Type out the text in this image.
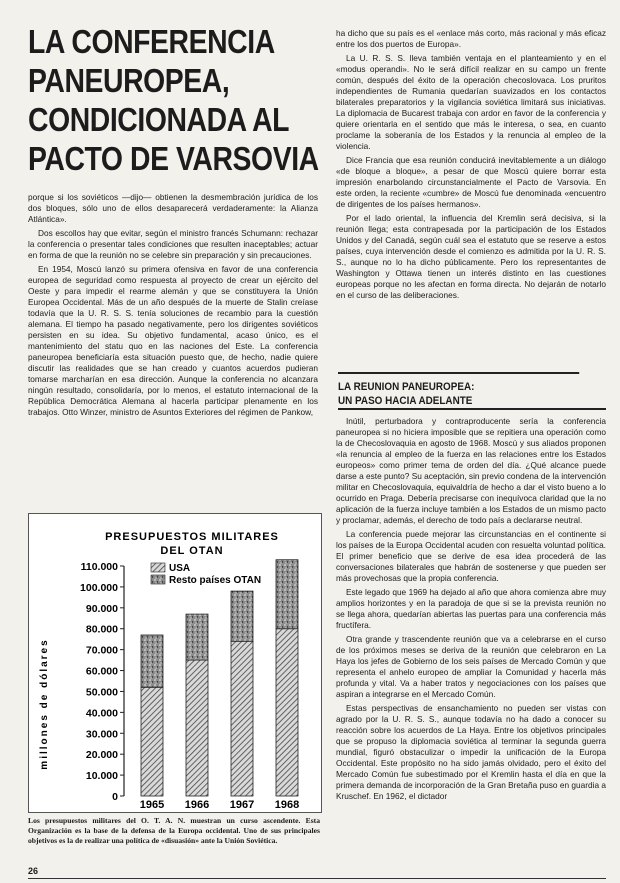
LA CONFERENCIA
PANEUROPEA,
CONDICIONADA AL
PACTO DE VARSOVIA

porque si los soviéticos —dijo— obtienen la desmembración jurídica de los dos bloques, sólo uno de ellos desaparecerá verdaderamente: la Alianza Atlántica».

Dos escollos hay que evitar, según el ministro francés Schumann: rechazar la conferencia o presentar tales condiciones que resulten inaceptables; actuar en forma de que la reunión no se celebre sin preparación y sin precauciones.

En 1954, Moscú lanzó su primera ofensiva en favor de una conferencia europea de seguridad como respuesta al proyecto de crear un ejército del Oeste y para impedir el rearme alemán y que se constituyera la Unión Europea Occidental. Más de un año después de la muerte de Stalin creíase todavía que la U. R. S. S. tenía soluciones de recambio para la cuestión alemana. El tiempo ha pasado negativamente, pero los dirigentes soviéticos persisten en su idea. Su objetivo fundamental, acaso único, es el mantenimiento del statu quo en las naciones del Este. La conferencia paneuropea beneficiaría esta situación puesto que, de hecho, nadie quiere discutir las realidades que se han creado y cuantos acuerdos pudieran tomarse marcharían en esa dirección. Aunque la conferencia no alcanzara ningún resultado, consolidaría, por lo menos, el estatuto internacional de la República Democrática Alemana al hacerla participar plenamente en los trabajos. Otto Winzer, ministro de Asuntos Exteriores del régimen de Pankow,

ha dicho que su país es el «enlace más corto, más racional y más eficaz entre los dos puertos de Europa».

La U. R. S. S. lleva también ventaja en el planteamiento y en el «modus operandi». No le será difícil realizar en su campo un frente común, después del éxito de la operación checoslovaca. Los pruritos independientes de Rumania quedarían suavizados en los contactos bilaterales preparatorios y la vigilancia soviética limitará sus iniciativas. La diplomacia de Bucarest trabaja con ardor en favor de la conferencia y quiere orientarla en el sentido que más le interesa, o sea, en cuanto proclame la soberanía de los Estados y la renuncia al empleo de la violencia.

Dice Francia que esa reunión conducirá inevitablemente a un diálogo «de bloque a bloque», a pesar de que Moscú quiere borrar esta impresión enarbolando circunstancialmente el Pacto de Varsovia. En este orden, la reciente «cumbre» de Moscú fue denominada «encuentro de dirigentes de los países hermanos».

Por el lado oriental, la influencia del Kremlin será decisiva, si la reunión llega; esta contrapesada por la participación de los Estados Unidos y del Canadá, según cuál sea el estatuto que se reserve a estos países, cuya intervención desde el comienzo es admitida por la U. R. S. S., aunque no lo ha dicho públicamente. Pero los representantes de Washington y Ottawa tienen un interés distinto en las cuestiones europeas porque no les afectan en forma directa. No dejarán de notarlo en el curso de las deliberaciones.

LA REUNION PANEUROPEA:
UN PASO HACIA ADELANTE

Inútil, perturbadora y contraproducente sería la conferencia paneuropea si no hiciera imposible que se repitiera una operación como la de Checoslovaquia en agosto de 1968. Moscú y sus aliados proponen «la renuncia al empleo de la fuerza en las relaciones entre los Estados europeos» como primer tema de orden del día. ¿Qué alcance puede darse a este punto? Su aceptación, sin previo condena de la intervención militar en Checoslovaquia, equivaldría de hecho a dar el visto bueno a lo ocurrido en Praga. Debería precisarse con inequívoca claridad que la no aplicación de la fuerza incluye también a los Estados de un mismo pacto y proclamar, además, el derecho de todo país a declararse neutral.

La conferencia puede mejorar las circunstancias en el continente si los países de la Europa Occidental acuden con resuelta voluntad política. El primer beneficio que se derive de esa idea procederá de las conversaciones bilaterales que habrán de sostenerse y que pueden ser más provechosas que la propia conferencia.

Este legado que 1969 ha dejado al año que ahora comienza abre muy amplios horizontes y en la paradoja de que si se la prevista reunión no se llega ahora, quedarían abiertas las puertas para una conferencia más fructífera.

Otra grande y trascendente reunión que va a celebrarse en el curso de los próximos meses se deriva de la reunión que celebraron en La Haya los jefes de Gobierno de los seis países de Mercado Común y que representa el anhelo europeo de ampliar la Comunidad y hacerla más profunda y vital. Va a haber tratos y negociaciones con los países que aspiran a integrarse en el Mercado Común.

Estas perspectivas de ensanchamiento no pueden ser vistas con agrado por la U. R. S. S., aunque todavía no ha dado a conocer su reacción sobre los acuerdos de La Haya. Entre los objetivos principales que se propuso la diplomacia soviética al terminar la segunda guerra mundial, figuró obstaculizar o impedir la unificación de la Europa Occidental. Este propósito no ha sido jamás olvidado, pero el éxito del Mercado Común fue subestimado por el Kremlin hasta el día en que la primera demanda de incorporación de la Gran Bretaña puso en guardia a Kruschef. En 1962, el dictador

PRESUPUESTOS MILITARES
DEL OTAN
millones de dólares
0
10.000
20.000
30.000
40.000
50.000
60.000
70.000
80.000
90.000
100.000
110.000
1965 1966 1967 1968
USA
Resto países OTAN
Los presupuestos militares del O. T. A. N. muestran un curso ascendente. Esta Organización es la base de la defensa de la Europa occidental. Uno de sus principales objetivos es la de realizar una política de «disuasión» ante la Unión Soviética.
26
